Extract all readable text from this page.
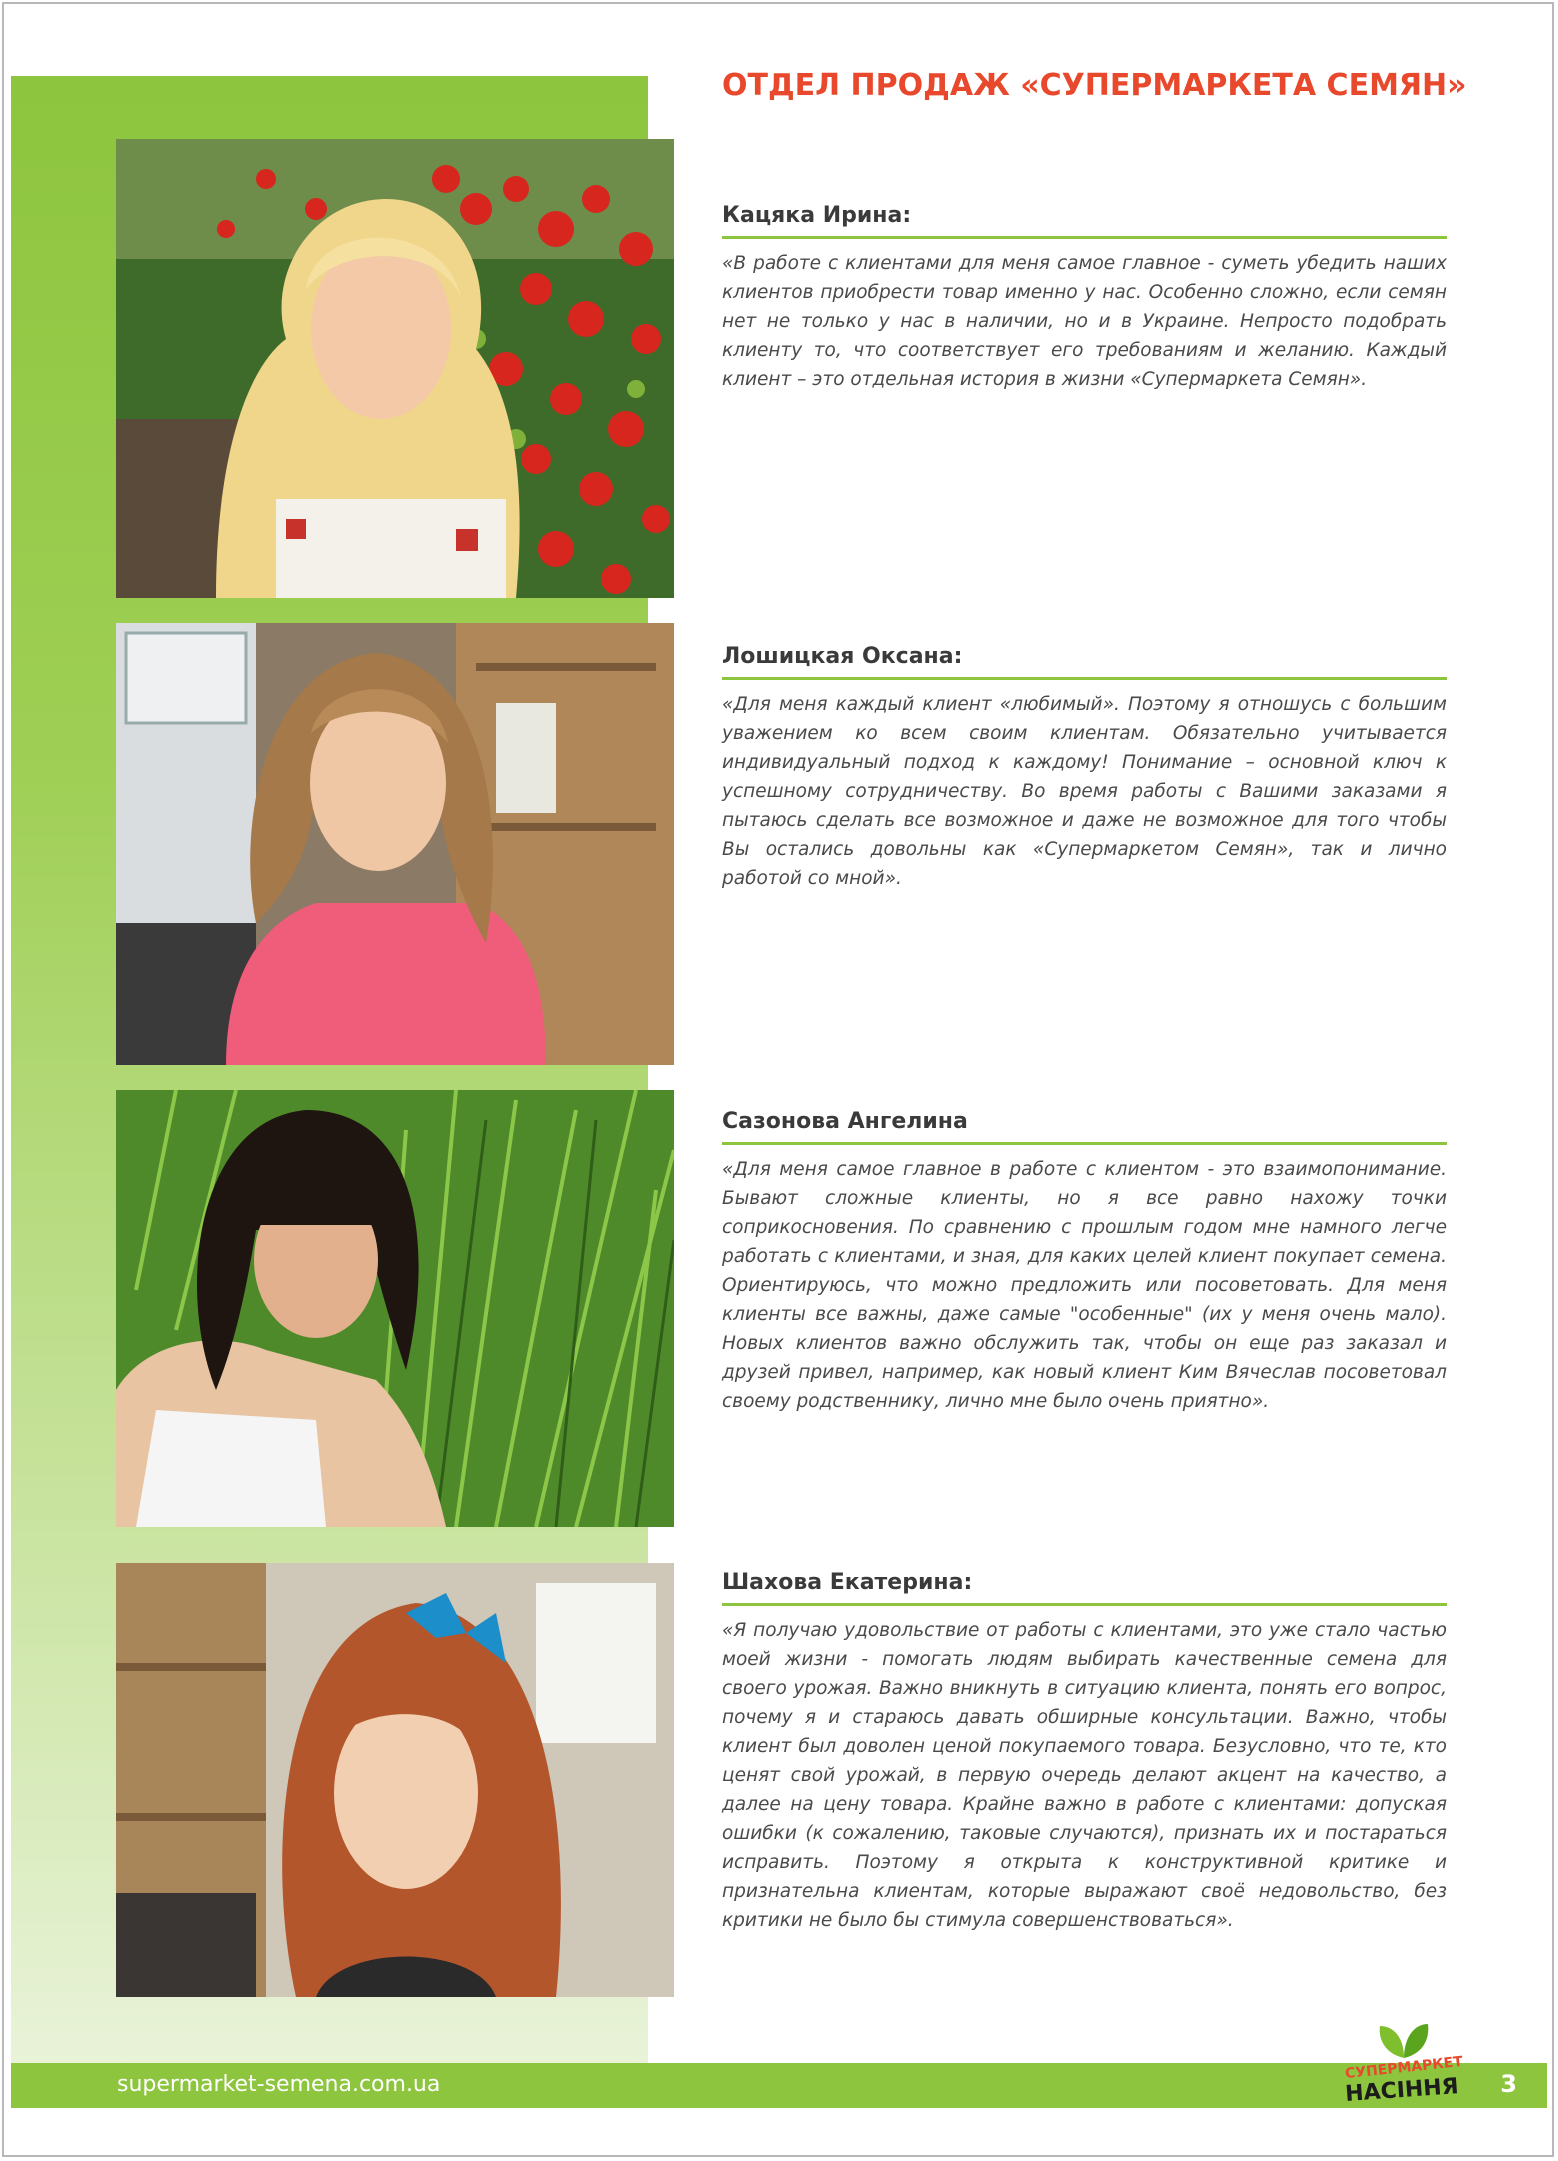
ОТДЕЛ ПРОДАЖ «СУПЕРМАРКЕТА СЕМЯН»
Кацяка Ирина:

«В работе с клиентами для меня самое главное - суметь убедить наших клиентов приобрести товар именно у нас. Особенно сложно, если семян нет не только у нас в наличии, но и в Украине. Непросто подобрать клиенту то, что соответствует его требованиям и желанию. Каждый клиент – это отдельная история в жизни «Супермаркета Семян».

Лошицкая Оксана:

«Для меня каждый клиент «любимый». Поэтому я отношусь с большим уважением ко всем своим клиентам. Обязательно учитывается индивидуальный подход к каждому! Понимание – основной ключ к успешному сотрудничеству. Во время работы с Вашими заказами я пытаюсь сделать все возможное и даже не возможное для того чтобы Вы остались довольны как «Супермаркетом Семян», так и лично работой со мной».

Сазонова Ангелина

«Для меня самое главное в работе с клиентом - это взаимопонимание. Бывают сложные клиенты, но я все равно нахожу точки соприкосновения. По сравнению с прошлым годом мне намного легче работать с клиентами, и зная, для каких целей клиент покупает семена. Ориентируюсь, что можно предложить или посоветовать. Для меня клиенты все важны, даже самые "особенные" (их у меня очень мало). Новых клиентов важно обслужить так, чтобы он еще раз заказал и друзей привел, например, как новый клиент Ким Вячеслав посоветовал своему родственнику, лично мне было очень приятно».

Шахова Екатерина:

«Я получаю удовольствие от работы с клиентами, это уже стало частью моей жизни - помогать людям выбирать качественные семена для своего урожая. Важно вникнуть в ситуацию клиента, понять его вопрос, почему я и стараюсь давать обширные консультации. Важно, чтобы клиент был доволен ценой покупаемого товара. Безусловно, что те, кто ценят свой урожай, в первую очередь делают акцент на качество, а далее на цену товара. Крайне важно в работе с клиентами: допуская ошибки (к сожалению, таковые случаются), признать их и постараться исправить. Поэтому я открыта к конструктивной критике и признательна клиентам, которые выражают своё недовольство, без критики не было бы стимула совершенствоваться».

supermarket-semena.com.ua	3
СУПЕРМАРКЕТ
НАСІННЯ
